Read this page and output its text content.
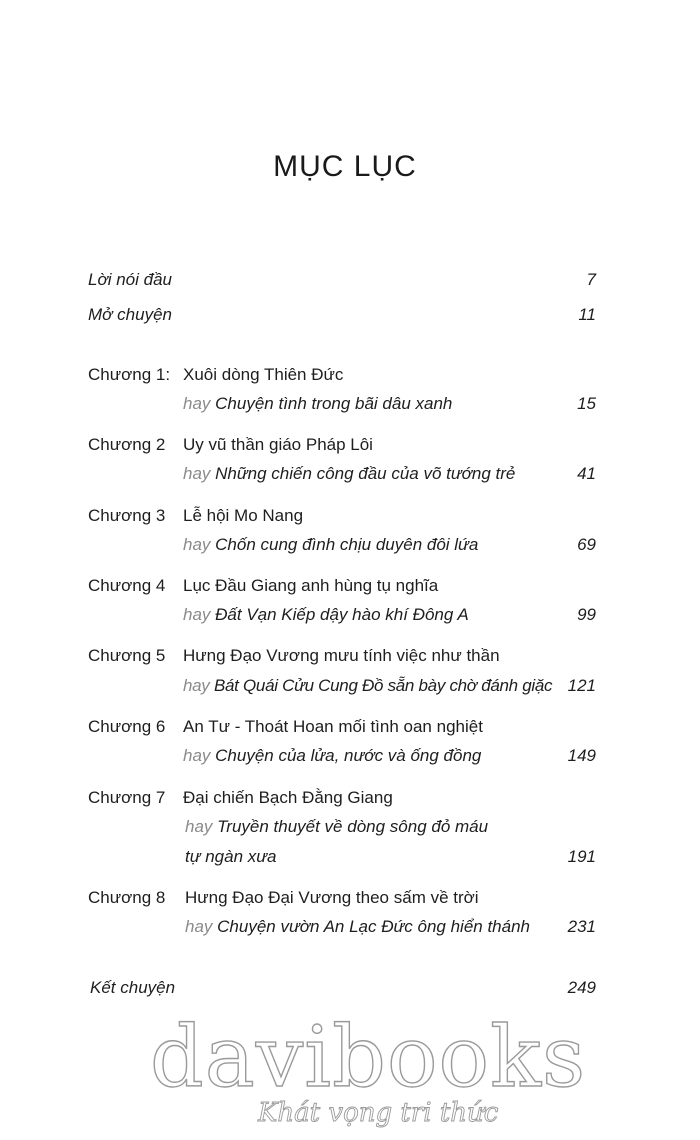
MỤC LỤC
Lời nói đầu	7
Mở chuyện	11
Chương 1: Xuôi dòng Thiên Đức
hay Chuyện tình trong bãi dâu xanh	15
Chương 2 Uy vũ thần giáo Pháp Lôi
hay Những chiến công đầu của võ tướng trẻ	41
Chương 3 Lễ hội Mo Nang
hay Chốn cung đình chịu duyên đôi lứa	69
Chương 4 Lục Đầu Giang anh hùng tụ nghĩa
hay Đất Vạn Kiếp dậy hào khí Đông A	99
Chương 5 Hưng Đạo Vương mưu tính việc như thần
hay Bát Quái Cửu Cung Đồ sẵn bày chờ đánh giặc 121
Chương 6 An Tư - Thoát Hoan mối tình oan nghiệt
hay Chuyện của lửa, nước và ống đồng	149
Chương 7 Đại chiến Bạch Đằng Giang
hay Truyền thuyết về dòng sông đỏ máu
tự ngàn xưa	191
Chương 8 Hưng Đạo Đại Vương theo sấm về trời
hay Chuyện vườn An Lạc Đức ông hiển thánh 231
Kết chuyện	249
davibooks
Khát vọng tri thức
